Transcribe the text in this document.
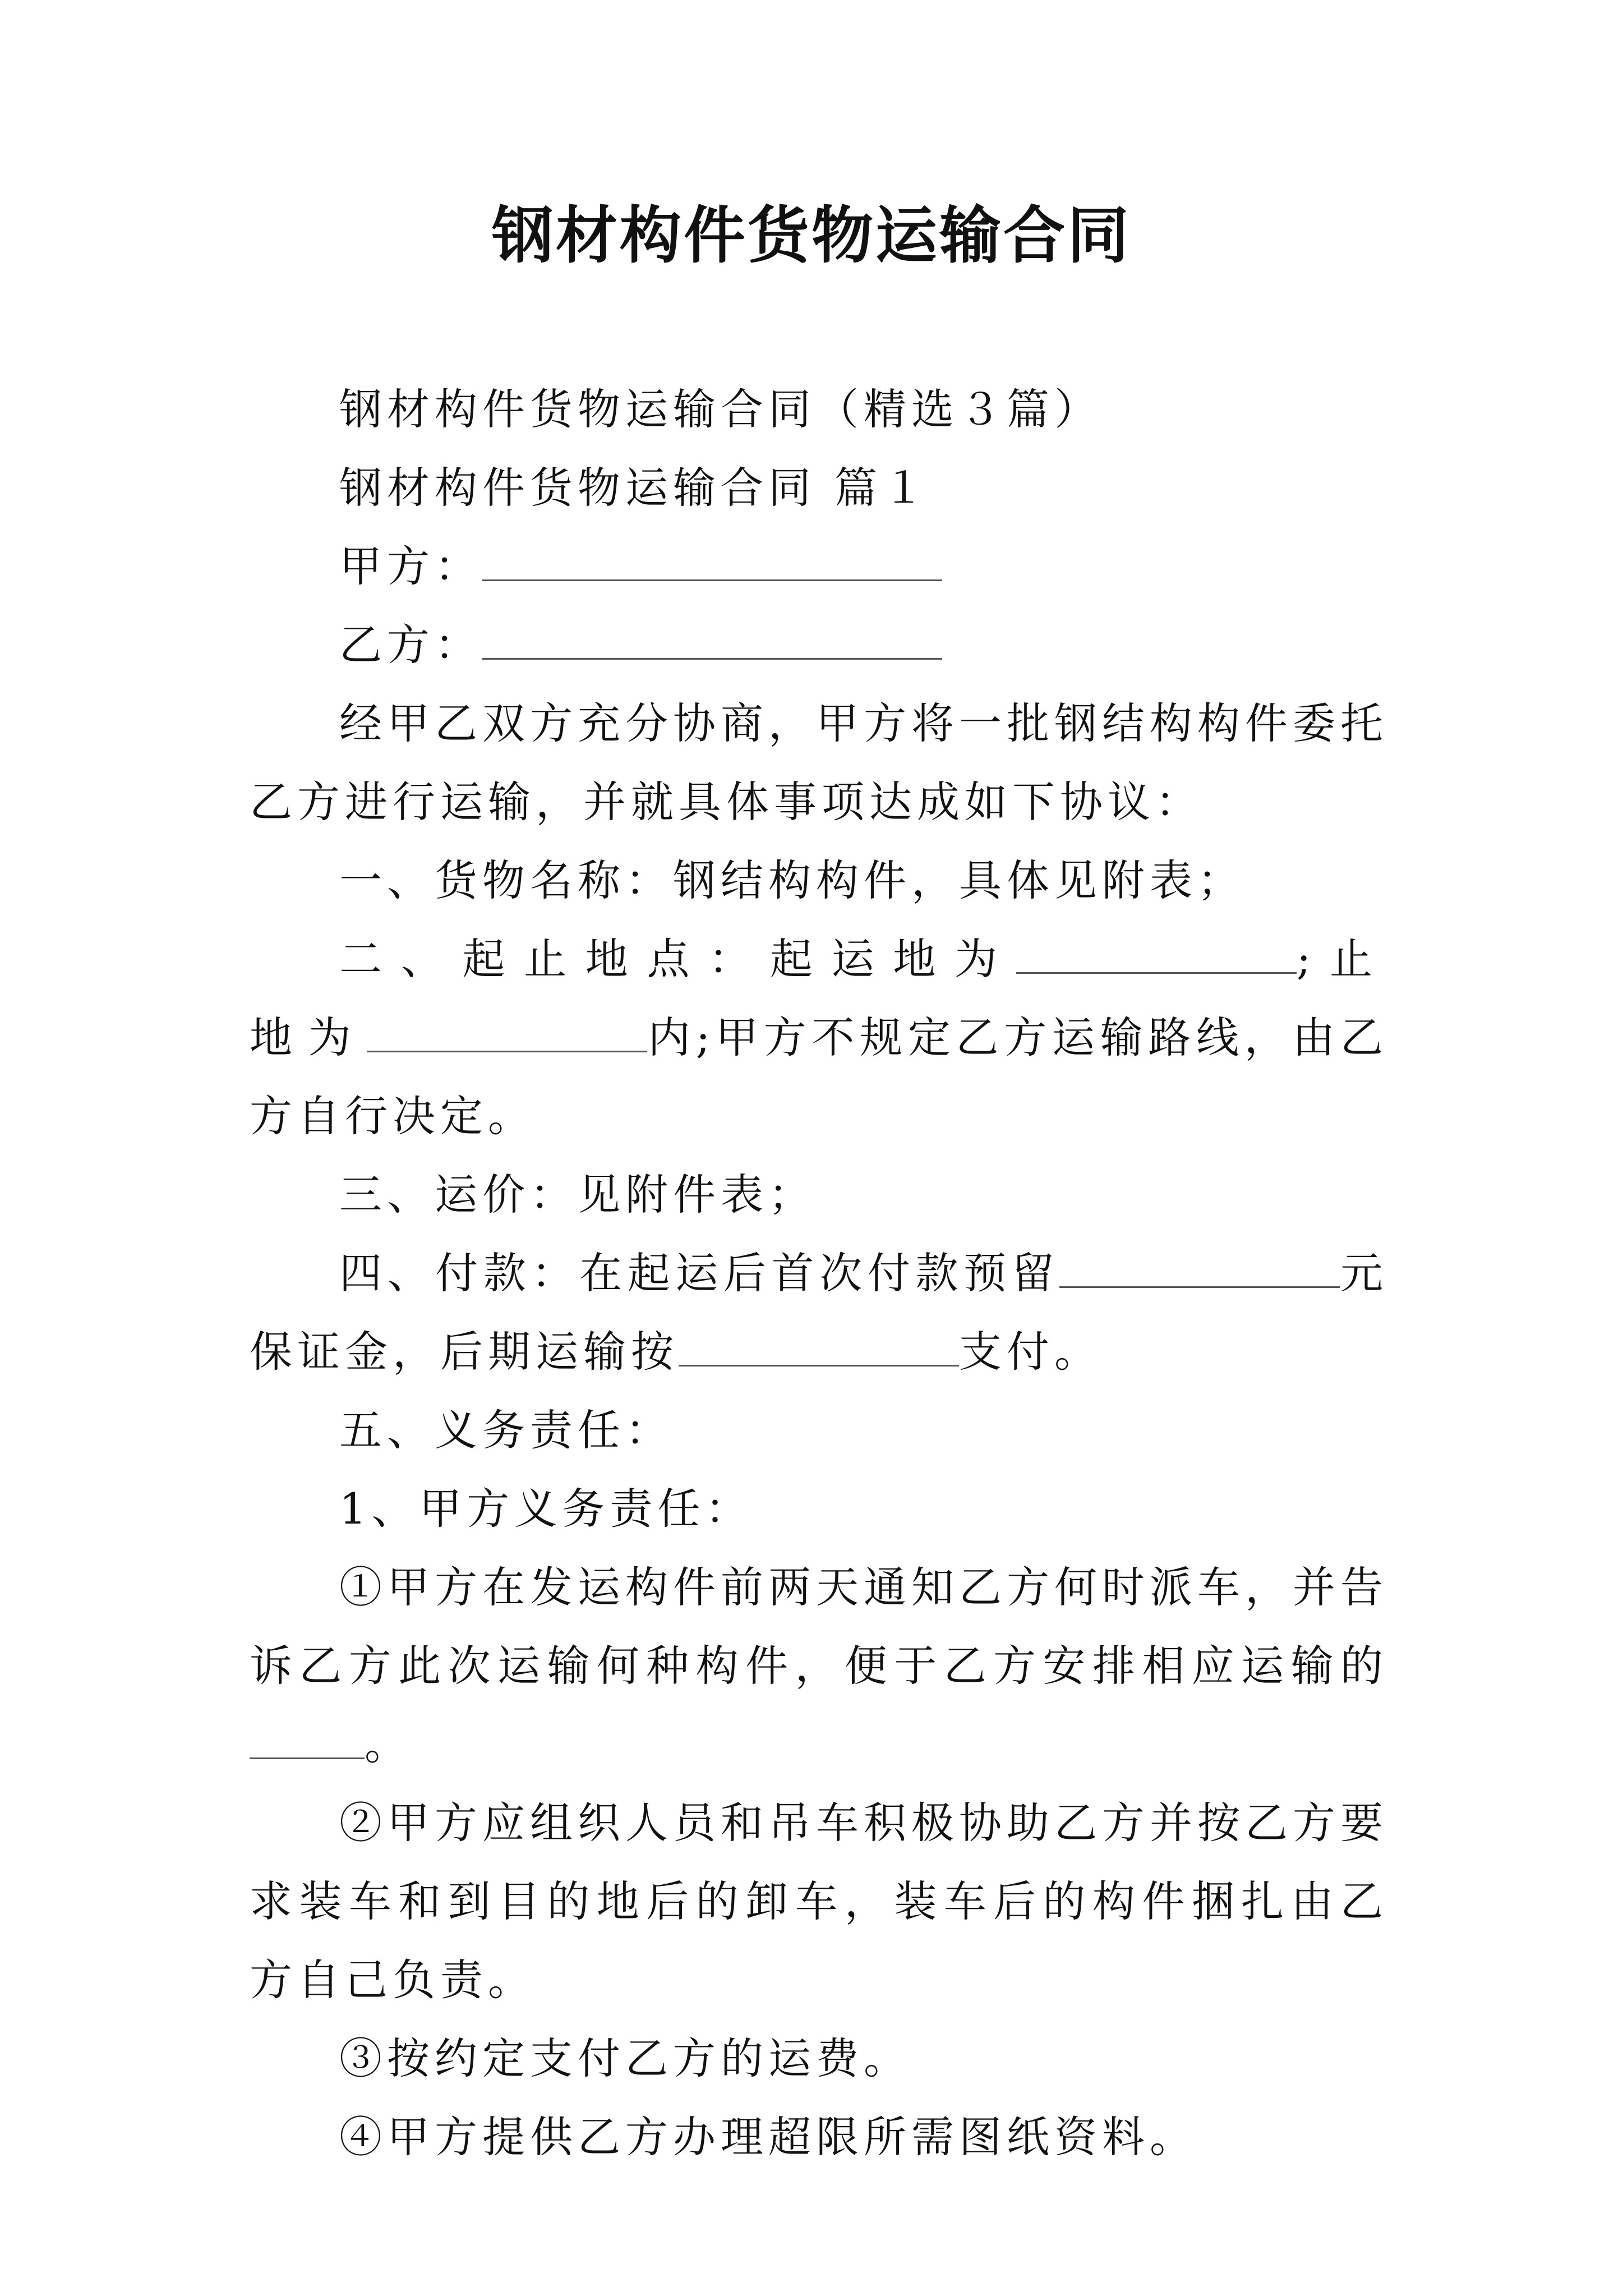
钢材构件货物运输合同

钢材构件货物运输合同（精选３篇）

钢材构件货物运输合同 篇１

甲方：

乙方：

经甲乙双方充分协商，甲方将一批钢结构构件委托乙方进行运输，并就具体事项达成如下协议：

一、货物名称：钢结构构件，具体见附表；

二、起止地点：起运地为	;止地为	内;甲方不规定乙方运输路线，由乙方自行决定。

三、运价：见附件表；

四、付款：在起运后首次付款预留	元保证金，后期运输按	支付。

五、义务责任：

1、甲方义务责任：

①甲方在发运构件前两天通知乙方何时派车，并告诉乙方此次运输何种构件，便于乙方安排相应运输的。

②甲方应组织人员和吊车积极协助乙方并按乙方要求装车和到目的地后的卸车，装车后的构件捆扎由乙方自己负责。

③按约定支付乙方的运费。

④甲方提供乙方办理超限所需图纸资料。
